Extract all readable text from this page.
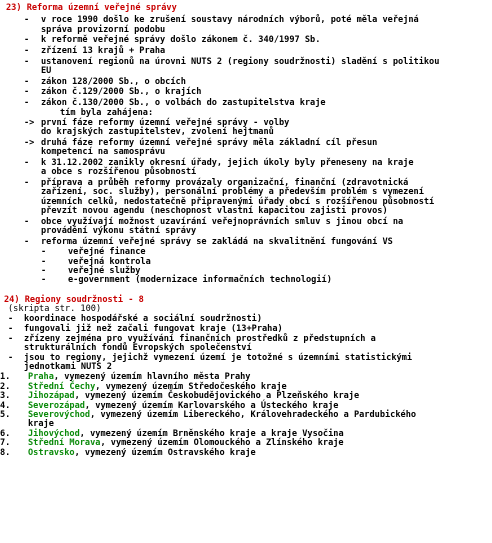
23) Reforma územní veřejné správy
- v roce 1990 došlo ke zrušení soustavy národních výborů, poté měla veřejná
správa provizorní podobu
- k reformě veřejné správy došlo zákonem č. 340/1997 Sb.
- zřízení 13 krajů + Praha
- ustanovení regionů na úrovni NUTS 2 (regiony soudržnosti) sladění s politikou
EU
- zákon 128/2000 Sb., o obcích
- zákon č.129/2000 Sb., o krajích
- zákon č.130/2000 Sb., o volbách do zastupitelstva kraje
tím byla zahájena:
-> první fáze reformy územní veřejné správy - volby
do krajských zastupitelstev, zvolení hejtmanů
-> druhá fáze reformy územní veřejné správy měla základní cíl přesun
kompetencí na samosprávu
- k 31.12.2002 zanikly okresní úřady, jejich úkoly byly přeneseny na kraje
a obce s rozšířenou působností
- příprava a průběh reformy provázaly organizační, finanční (zdravotnická
zařízení, soc. služby), personální problémy a především problém s vymezení
územních celků, nedostatečně připravenými úřady obcí s rozšířenou působností
převzít novou agendu (neschopnost vlastní kapacitou zajisti provos)
- obce využívají možnost uzavírání veřejnoprávních smluv s jinou obcí na
provádění výkonu státní správy
- reforma územní veřejné správy se zakládá na skvalitnění fungování VS
-	veřejné finance
-	veřejná kontrola
-	veřejné služby
-	e-government (modernizace informačních technologií)
24) Regiony soudržnosti - 8
(skripta str. 100)
- koordinace hospodářské a sociální soudržnosti)
- fungovali již než začali fungovat kraje (13+Praha)
- zřízeny zejména pro využívání finančních prostředků z předstupních a
strukturálních fondů Evropských společenství
- jsou to regiony, jejichž vymezení území je totožné s územními statistickými
jednotkami NUTS 2
1.	Praha, vymezený územím hlavního města Prahy
2.	Střední Čechy, vymezený územím Středočeského kraje
3.	Jihozápad, vymezený územím Českobudějovického a Plzeňského kraje
4.	Severozápad, vymezený územím Karlovarského a Ústeckého kraje
5.	Severovýchod, vymezený územím Libereckého, Královehradeckého a Pardubického
kraje
6.	Jihovýchod, vymezený územím Brněnského kraje a kraje Vysočina
7.	Střední Morava, vymezený územím Olomouckého a Zlínského kraje
8.	Ostravsko, vymezený územím Ostravského kraje
